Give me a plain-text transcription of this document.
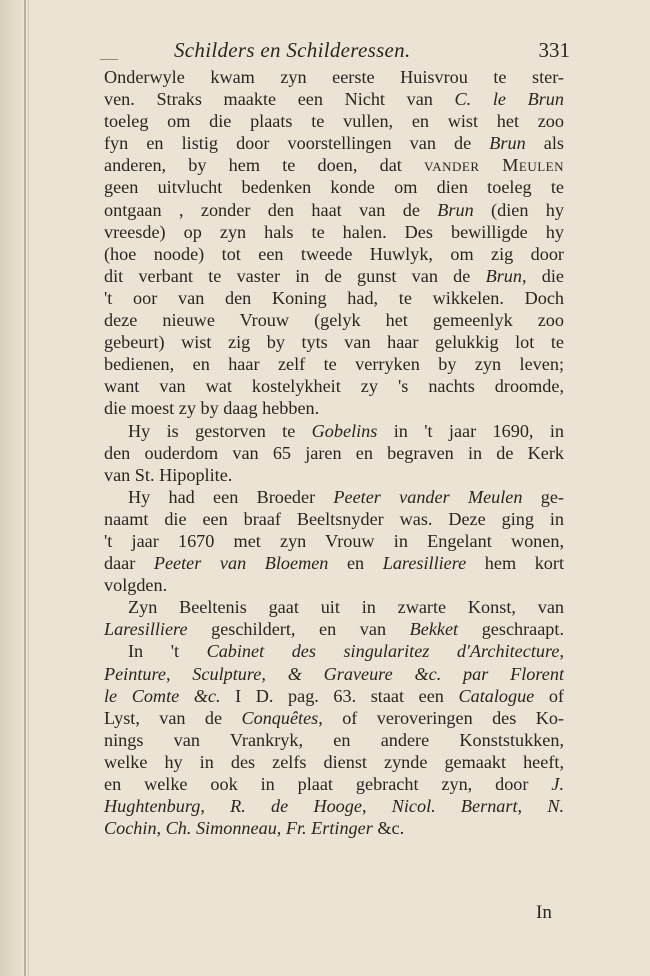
—	Schilders en Schilderessen.	331
Onderwyle kwam zyn eerste Huisvrou te ster-
ven. Straks maakte een Nicht van C. le Brun
toeleg om die plaats te vullen, en wist het zoo
fyn en listig door voorstellingen van de Brun als
anderen, by hem te doen, dat vander Meulen
geen uitvlucht bedenken konde om dien toeleg te
ontgaan , zonder den haat van de Brun (dien hy
vreesde) op zyn hals te halen. Des bewilligde hy
(hoe noode) tot een tweede Huwlyk, om zig door
dit verbant te vaster in de gunst van de Brun, die
't oor van den Koning had, te wikkelen. Doch
deze nieuwe Vrouw (gelyk het gemeenlyk zoo
gebeurt) wist zig by tyts van haar gelukkig lot te
bedienen, en haar zelf te verryken by zyn leven;
want van wat kostelykheit zy 's nachts droomde,
die moest zy by daag hebben.
Hy is gestorven te Gobelins in 't jaar 1690, in
den ouderdom van 65 jaren en begraven in de Kerk
van St. Hipoplite.
Hy had een Broeder Peeter vander Meulen ge-
naamt die een braaf Beeltsnyder was. Deze ging in
't jaar 1670 met zyn Vrouw in Engelant wonen,
daar Peeter van Bloemen en Laresilliere hem kort
volgden.
Zyn Beeltenis gaat uit in zwarte Konst, van
Laresilliere geschildert, en van Bekket geschraapt.
In 't Cabinet des singularitez d'Architecture,
Peinture, Sculpture, & Graveure &c. par Florent
le Comte &c. I D. pag. 63. staat een Catalogue of
Lyst, van de Conquêtes, of veroveringen des Ko-
nings van Vrankryk, en andere Konststukken,
welke hy in des zelfs dienst zynde gemaakt heeft,
en welke ook in plaat gebracht zyn, door J.
Hughtenburg, R. de Hooge, Nicol. Bernart, N.
Cochin, Ch. Simonneau, Fr. Ertinger &c.
In
